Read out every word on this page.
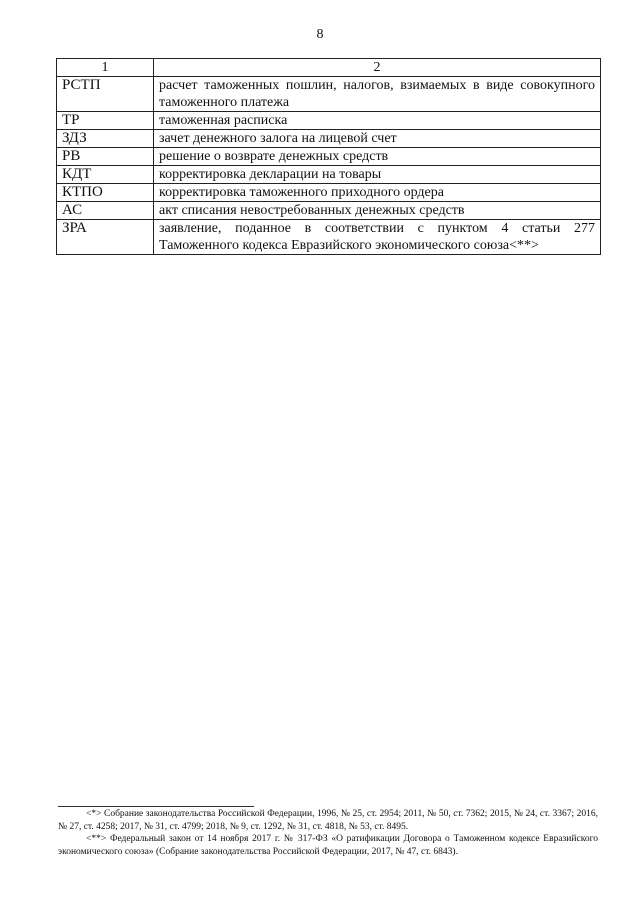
8
1	2
РСТП	расчет таможенных пошлин, налогов, взимаемых в виде совокупного таможенного платежа
ТР	таможенная расписка
ЗДЗ	зачет денежного залога на лицевой счет
РВ	решение о возврате денежных средств
КДТ	корректировка декларации на товары
КТПО	корректировка таможенного приходного ордера
АС	акт списания невостребованных денежных средств
ЗРА	заявление, поданное в соответствии с пунктом 4 статьи 277 Таможенного кодекса Евразийского экономического союза<**>

<*> Собрание законодательства Российской Федерации, 1996, № 25, ст. 2954; 2011, № 50, ст. 7362; 2015, № 24, ст. 3367; 2016, № 27, ст. 4258; 2017, № 31, ст. 4799; 2018, № 9, ст. 1292, № 31, ст. 4818, № 53, ст. 8495.

<**> Федеральный закон от 14 ноября 2017 г. № 317-ФЗ «О ратификации Договора о Таможенном кодексе Евразийского экономического союза» (Собрание законодательства Российской Федерации, 2017, № 47, ст. 6843).
